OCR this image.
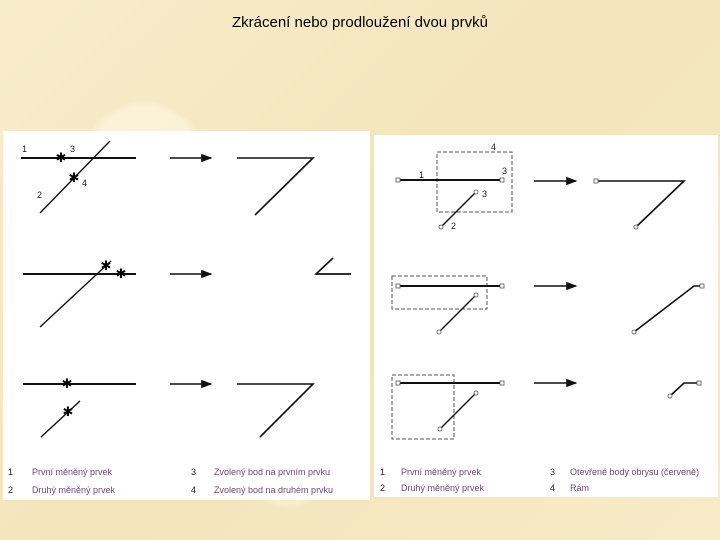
Zkrácení nebo prodloužení dvou prvků
✱
✱
1	3
4
2
✱
✱
✱
✱
1 První měněný prvek
2 Druhý měněný prvek
3 Zvolený bod na prvním prvku
4 Zvolený bod na druhém prvku
1
2
3
3
4
1 První měněný prvek
2 Druhý měněný prvek
3 Otevřené body obrysu (červeně)
4 Rám
